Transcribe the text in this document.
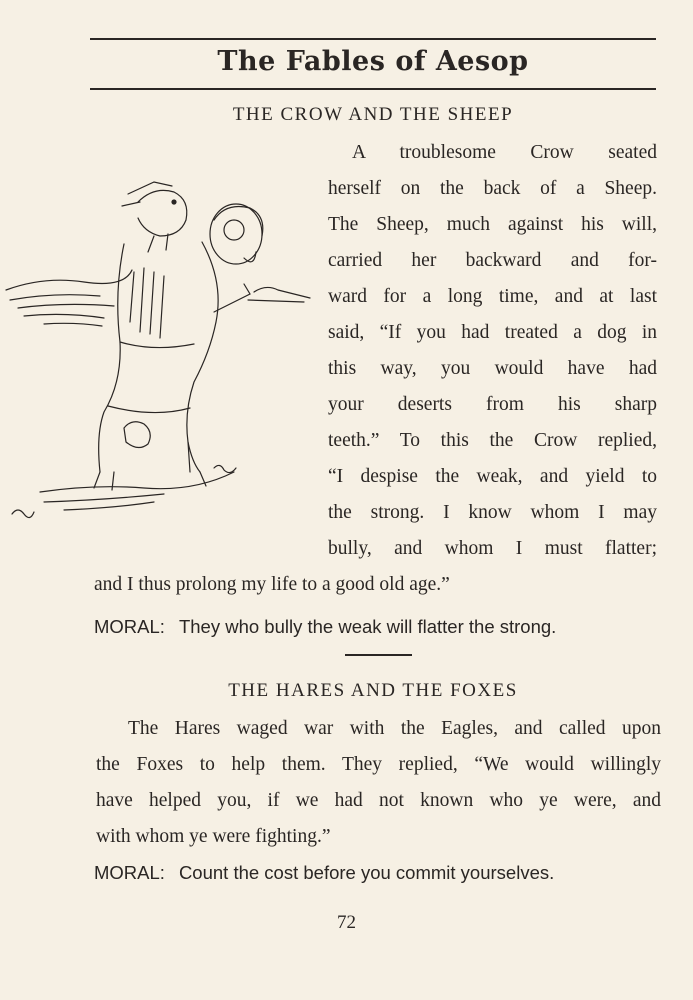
The Fables of Aesop
THE CROW AND THE SHEEP
A troublesome Crow seated
herself on the back of a Sheep.
The Sheep, much against his will,
carried her backward and for-
ward for a long time, and at last
said, “If you had treated a dog in
this way, you would have had
your deserts from his sharp
teeth.” To this the Crow replied,
“I despise the weak, and yield to
the strong. I know whom I may
bully, and whom I must flatter;
and I thus prolong my life to a good old age.”
MORAL: They who bully the weak will flatter the strong.
THE HARES AND THE FOXES
The Hares waged war with the Eagles, and called upon
the Foxes to help them. They replied, “We would willingly
have helped you, if we had not known who ye were, and
with whom ye were fighting.”
MORAL: Count the cost before you commit yourselves.
72
